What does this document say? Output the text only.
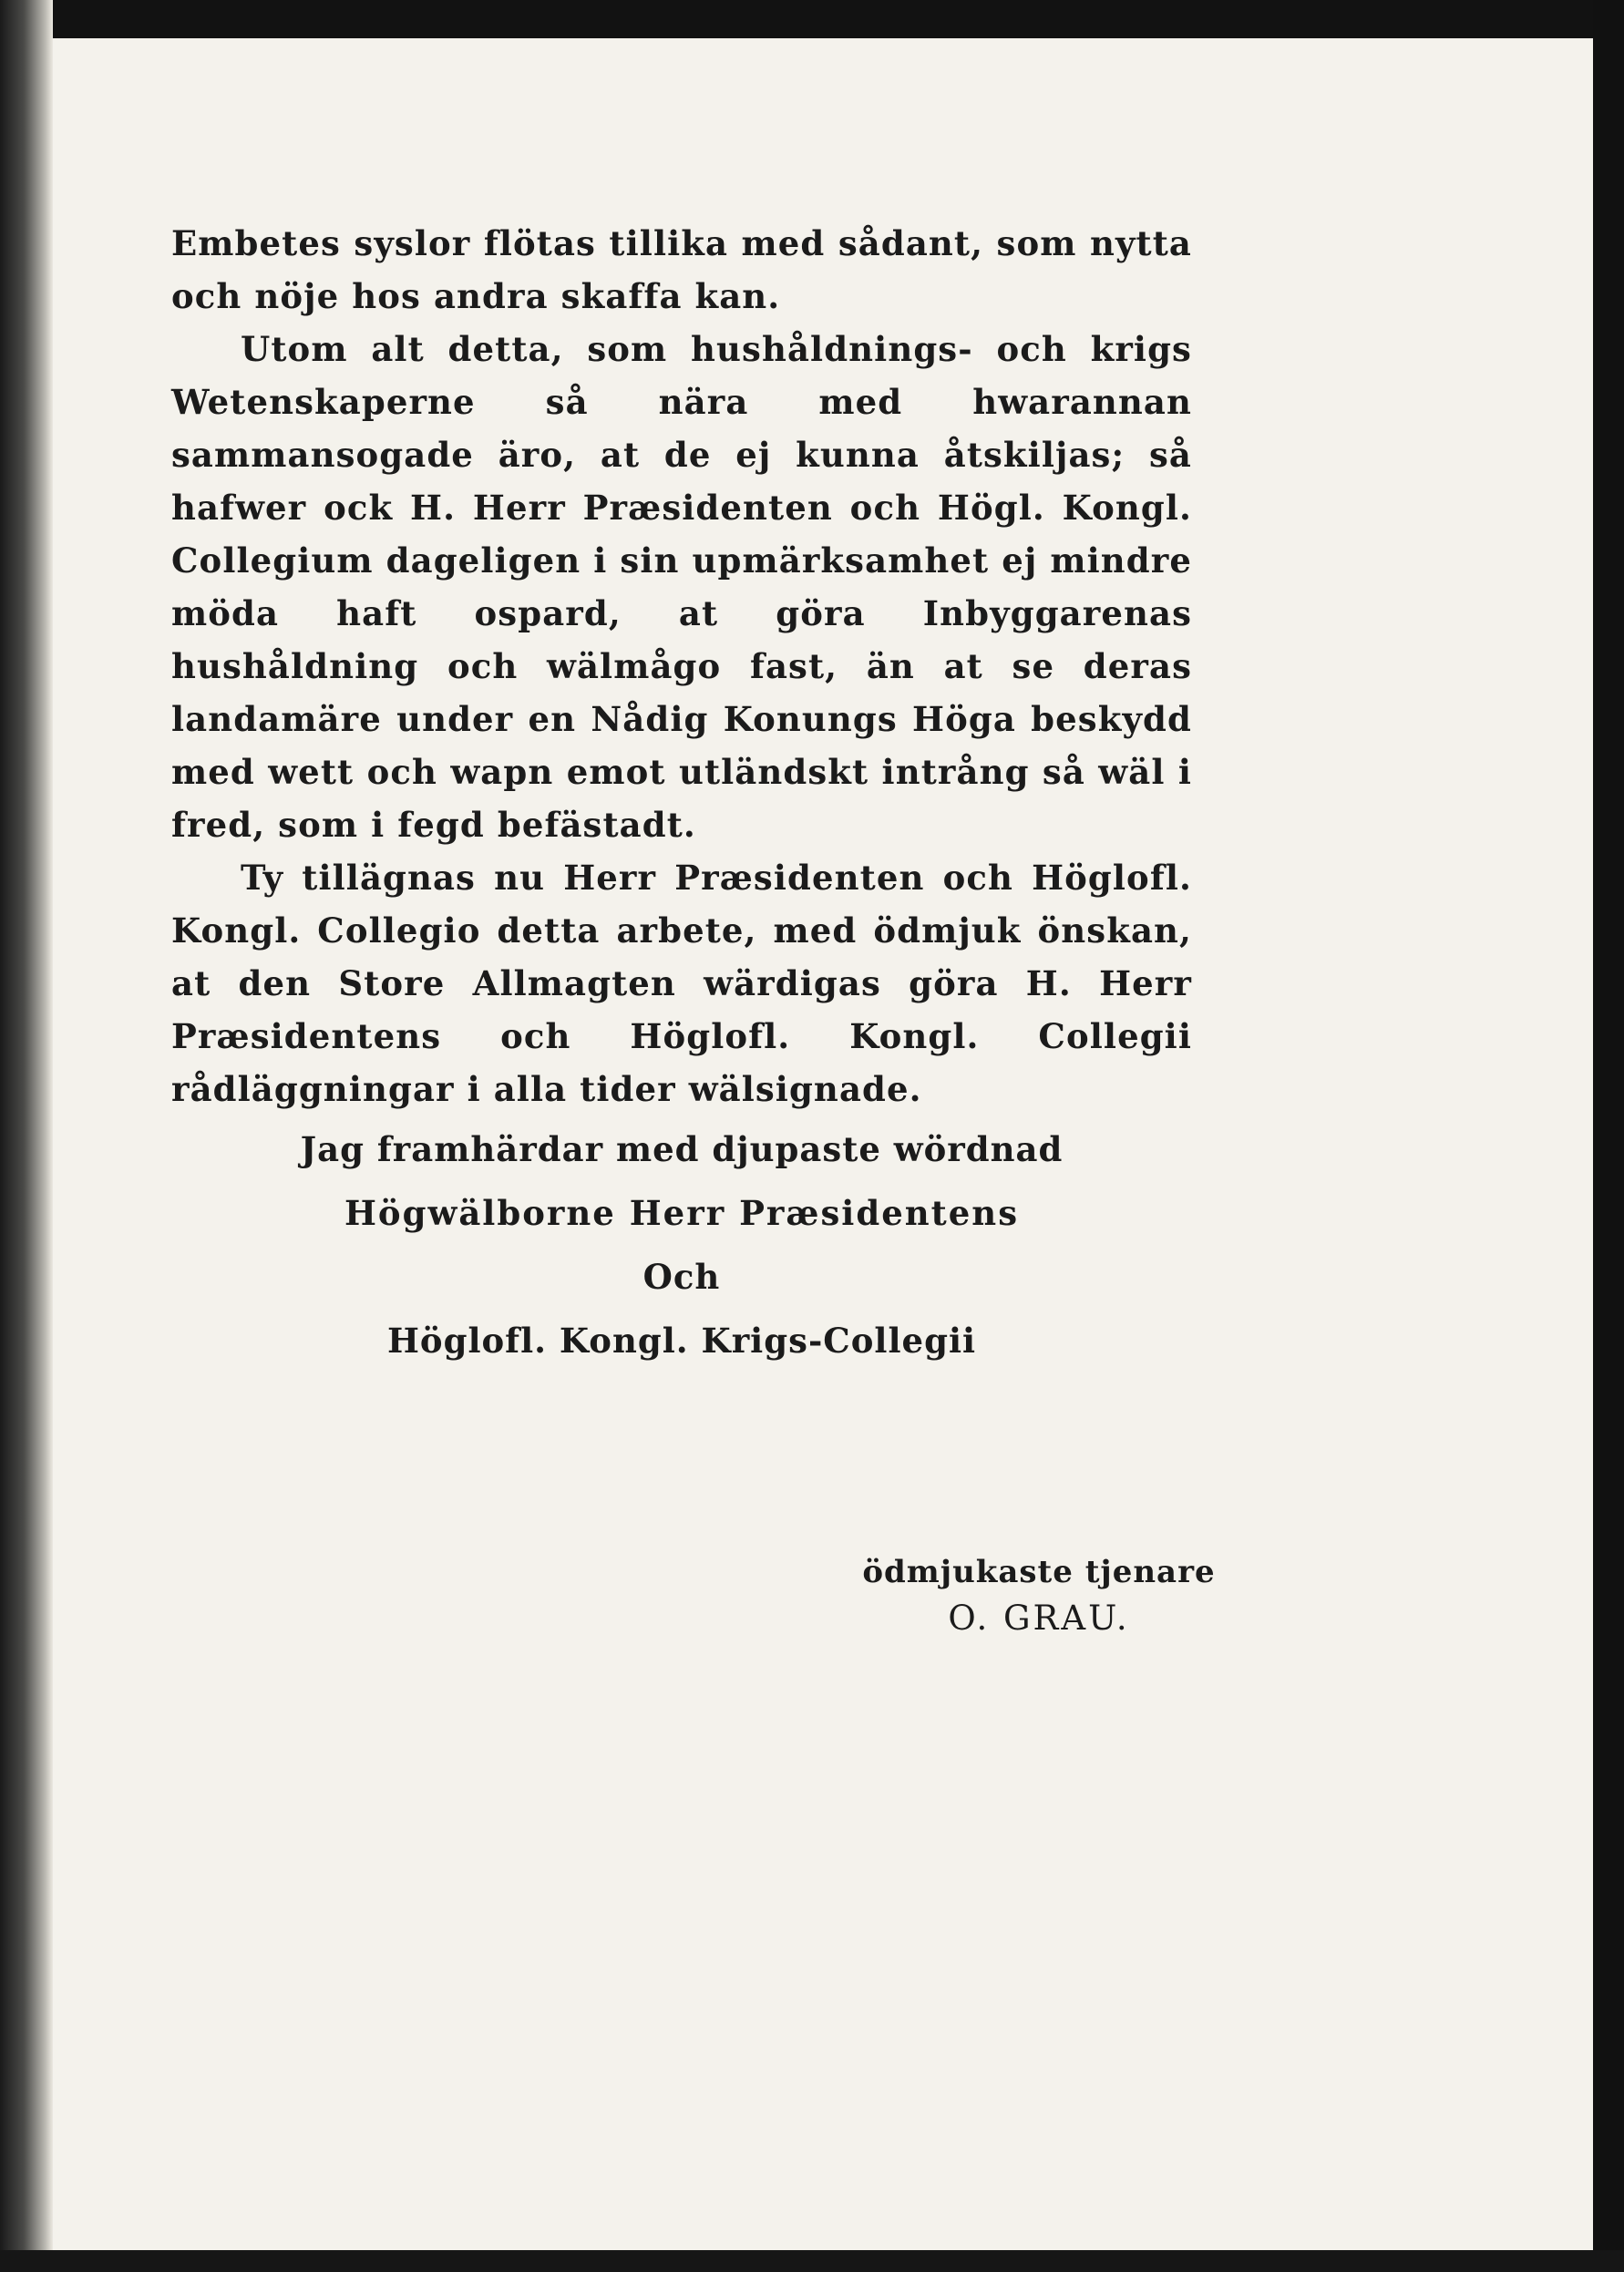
Embetes syslor flötas tillika med sådant, som nytta och nöje hos andra skaffa kan.

Utom alt detta, som hushåldnings- och krigs Wetenskaperne så nära med hwarannan sammansogade äro, at de ej kunna åtskiljas; så hafwer ock H. Herr Præsidenten och Högl. Kongl. Collegium dageligen i sin upmärksamhet ej mindre möda haft ospard, at göra Inbyggarenas hushåldning och wälmågo fast, än at se deras landamäre under en Nådig Konungs Höga beskydd med wett och wapn emot utländskt intrång så wäl i fred, som i fegd befästadt.

Ty tillägnas nu Herr Præsidenten och Höglofl. Kongl. Collegio detta arbete, med ödmjuk önskan, at den Store Allmagten wärdigas göra H. Herr Præsidentens och Höglofl. Kongl. Collegii rådläggningar i alla tider wälsignade.

Jag framhärdar med djupaste wördnad
Högwälborne Herr Præsidentens
Och
Höglofl. Kongl. Krigs-Collegii
ödmjukaste tjenare
O. GRAU.
